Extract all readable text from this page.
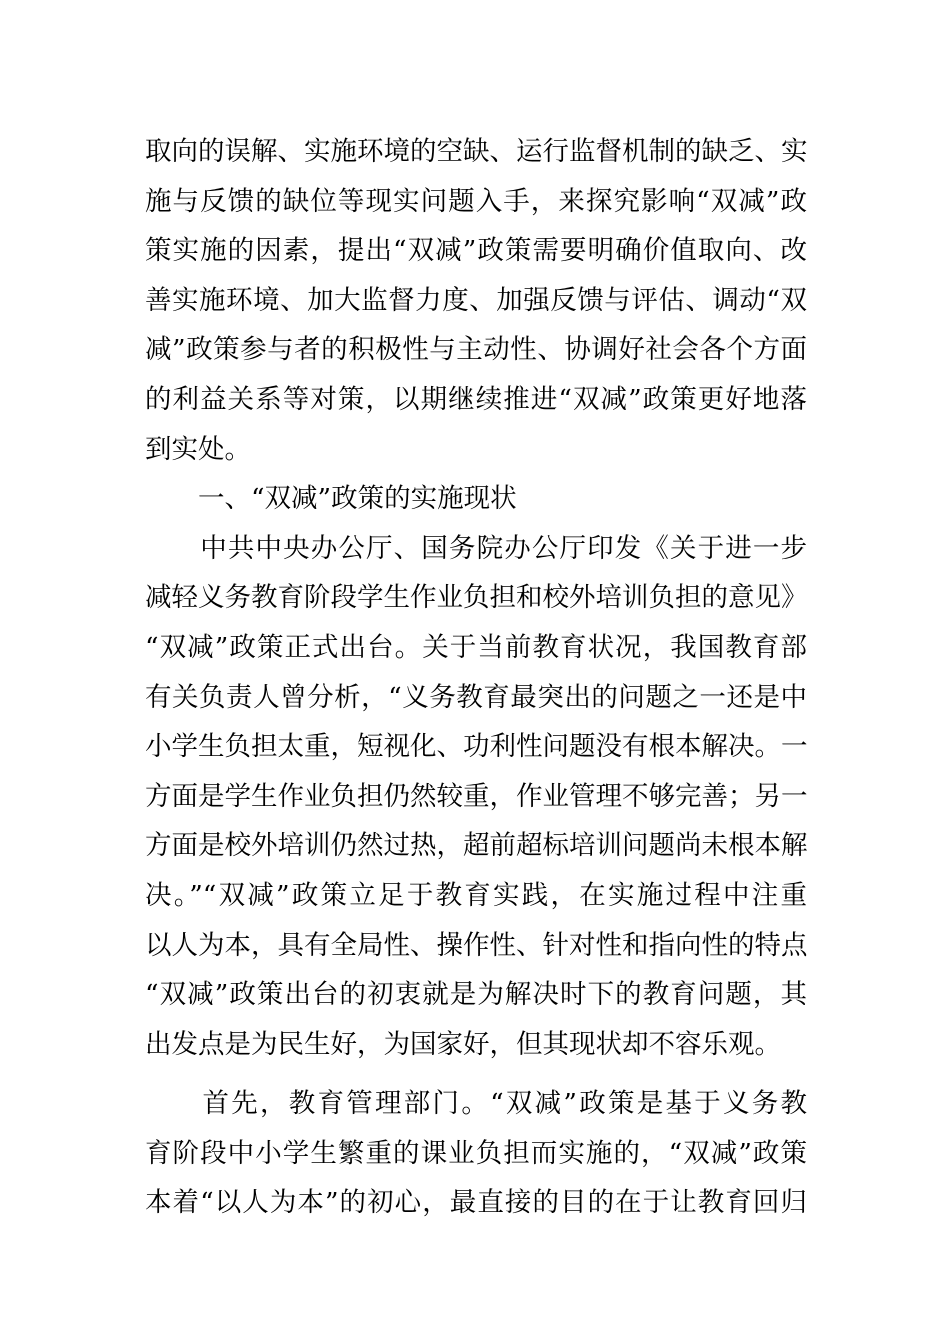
取向的误解、实施环境的空缺、运行监督机制的缺乏、实
施与反馈的缺位等现实问题入手，来探究影响“双减”政
策实施的因素，提出“双减”政策需要明确价值取向、改
善实施环境、加大监督力度、加强反馈与评估、调动“双
减”政策参与者的积极性与主动性、协调好社会各个方面
的利益关系等对策，以期继续推进“双减”政策更好地落
到实处。
　　一、“双减”政策的实施现状
　　中共中央办公厅、国务院办公厅印发《关于进一步
减轻义务教育阶段学生作业负担和校外培训负担的意见》
“双减”政策正式出台。关于当前教育状况，我国教育部
有关负责人曾分析，“义务教育最突出的问题之一还是中
小学生负担太重，短视化、功利性问题没有根本解决。一
方面是学生作业负担仍然较重，作业管理不够完善；另一
方面是校外培训仍然过热，超前超标培训问题尚未根本解
决。”“双减”政策立足于教育实践，在实施过程中注重
以人为本，具有全局性、操作性、针对性和指向性的特点
“双减”政策出台的初衷就是为解决时下的教育问题，其
出发点是为民生好，为国家好，但其现状却不容乐观。
　　首先，教育管理部门。“双减”政策是基于义务教
育阶段中小学生繁重的课业负担而实施的，“双减”政策
本着“以人为本”的初心，最直接的目的在于让教育回归
